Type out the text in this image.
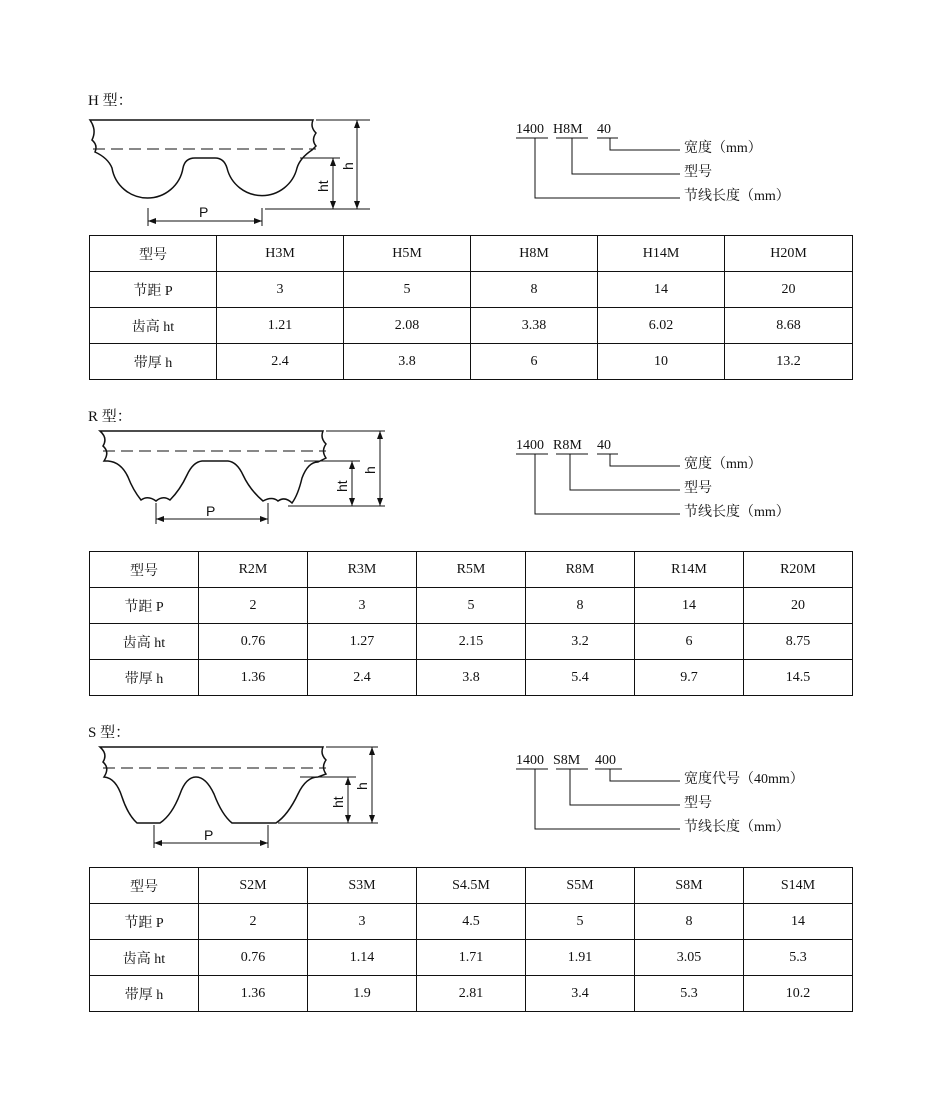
H 型：
P
ht
h
1400 H8M 40
宽度（mm）
型号
节线长度（mm）
型号	H3M	H5M	H8M	H14M	H20M
节距 P	3	5	8	14	20
齿高 ht	1.21	2.08	3.38	6.02	8.68
带厚 h	2.4	3.8	6	10	13.2
R 型：
P
ht
h
1400 R8M 40
宽度（mm）
型号
节线长度（mm）
型号	R2M	R3M	R5M	R8M	R14M	R20M
节距 P	2	3	5	8	14	20
齿高 ht	0.76	1.27	2.15	3.2	6	8.75
带厚 h	1.36	2.4	3.8	5.4	9.7	14.5
S 型：
P
ht
h
1400 S8M 400
宽度代号（40mm）
型号
节线长度（mm）
型号	S2M	S3M	S4.5M	S5M	S8M	S14M
节距 P	2	3	4.5	5	8	14
齿高 ht	0.76	1.14	1.71	1.91	3.05	5.3
带厚 h	1.36	1.9	2.81	3.4	5.3	10.2
